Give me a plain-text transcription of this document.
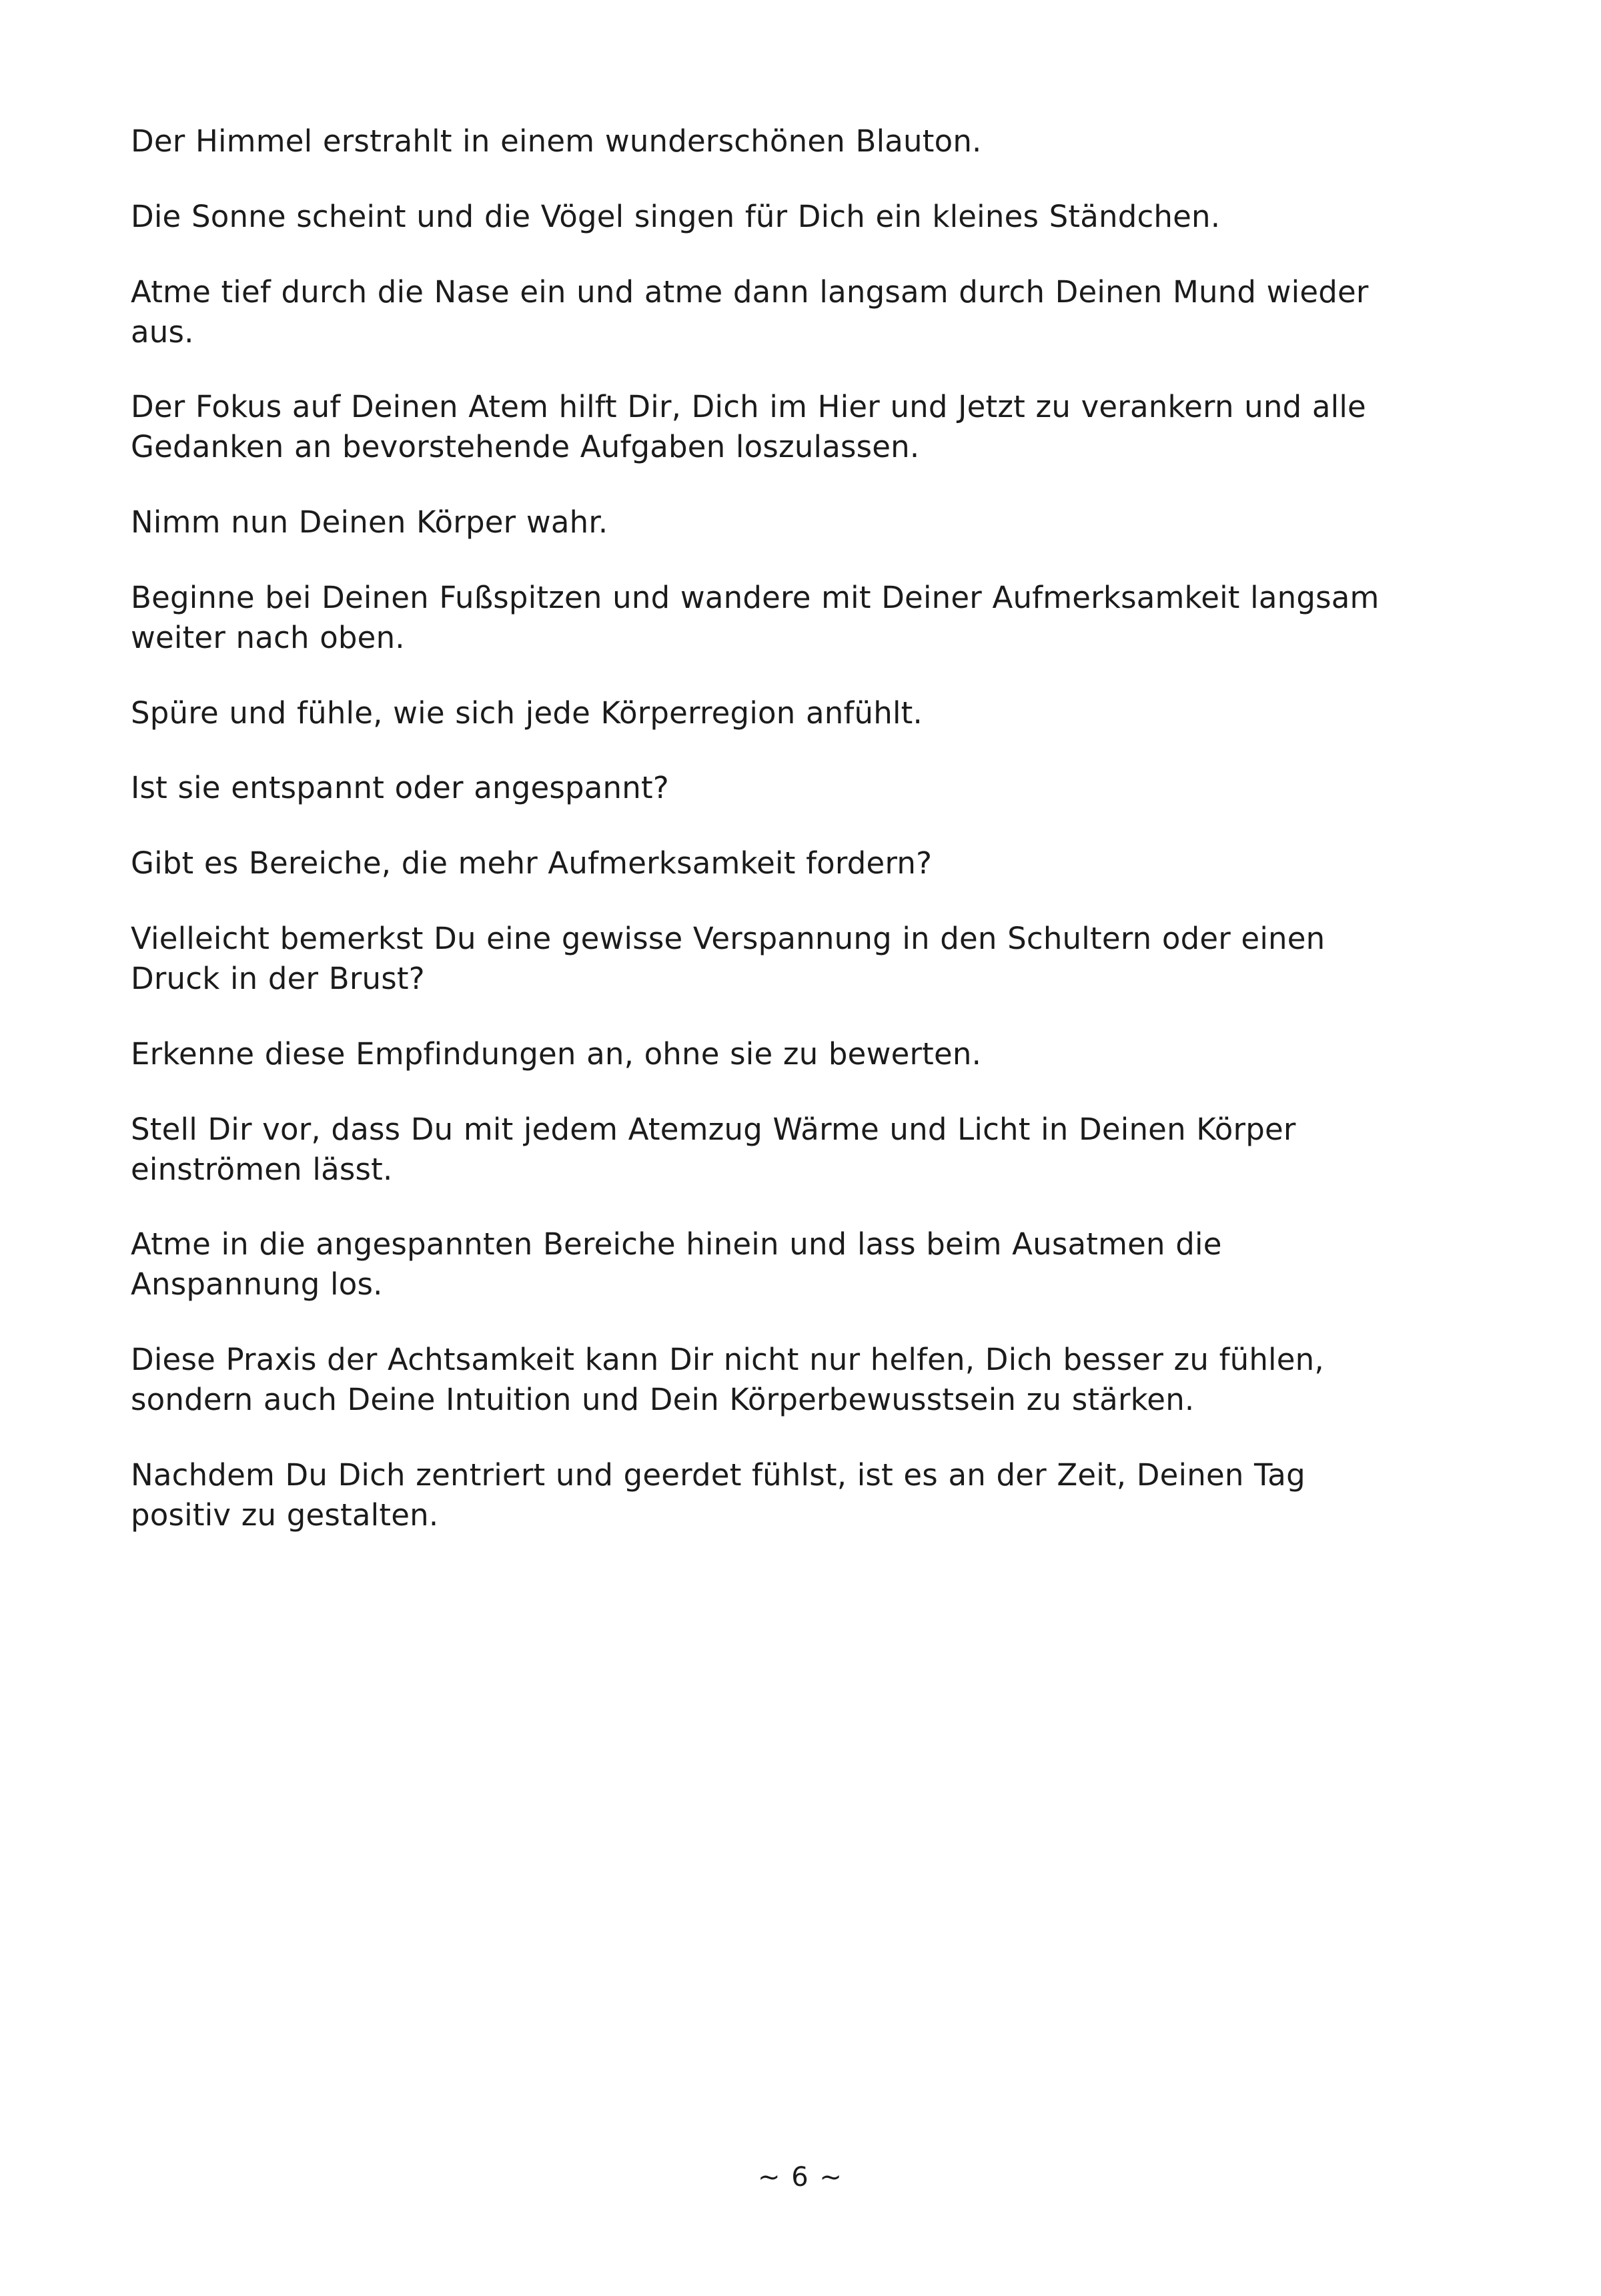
Der Himmel erstrahlt in einem wunderschönen Blauton.

Die Sonne scheint und die Vögel singen für Dich ein kleines Ständchen.

Atme tief durch die Nase ein und atme dann langsam durch Deinen Mund wieder aus.

Der Fokus auf Deinen Atem hilft Dir, Dich im Hier und Jetzt zu verankern und alle Gedanken an bevorstehende Aufgaben loszulassen.

Nimm nun Deinen Körper wahr.

Beginne bei Deinen Fußspitzen und wandere mit Deiner Aufmerksamkeit langsam weiter nach oben.

Spüre und fühle, wie sich jede Körperregion anfühlt.

Ist sie entspannt oder angespannt?

Gibt es Bereiche, die mehr Aufmerksamkeit fordern?

Vielleicht bemerkst Du eine gewisse Verspannung in den Schultern oder einen Druck in der Brust?

Erkenne diese Empfindungen an, ohne sie zu bewerten.

Stell Dir vor, dass Du mit jedem Atemzug Wärme und Licht in Deinen Körper einströmen lässt.

Atme in die angespannten Bereiche hinein und lass beim Ausatmen die Anspannung los.

Diese Praxis der Achtsamkeit kann Dir nicht nur helfen, Dich besser zu fühlen, sondern auch Deine Intuition und Dein Körperbewusstsein zu stärken.

Nachdem Du Dich zentriert und geerdet fühlst, ist es an der Zeit, Deinen Tag positiv zu gestalten.

~ 6 ~
